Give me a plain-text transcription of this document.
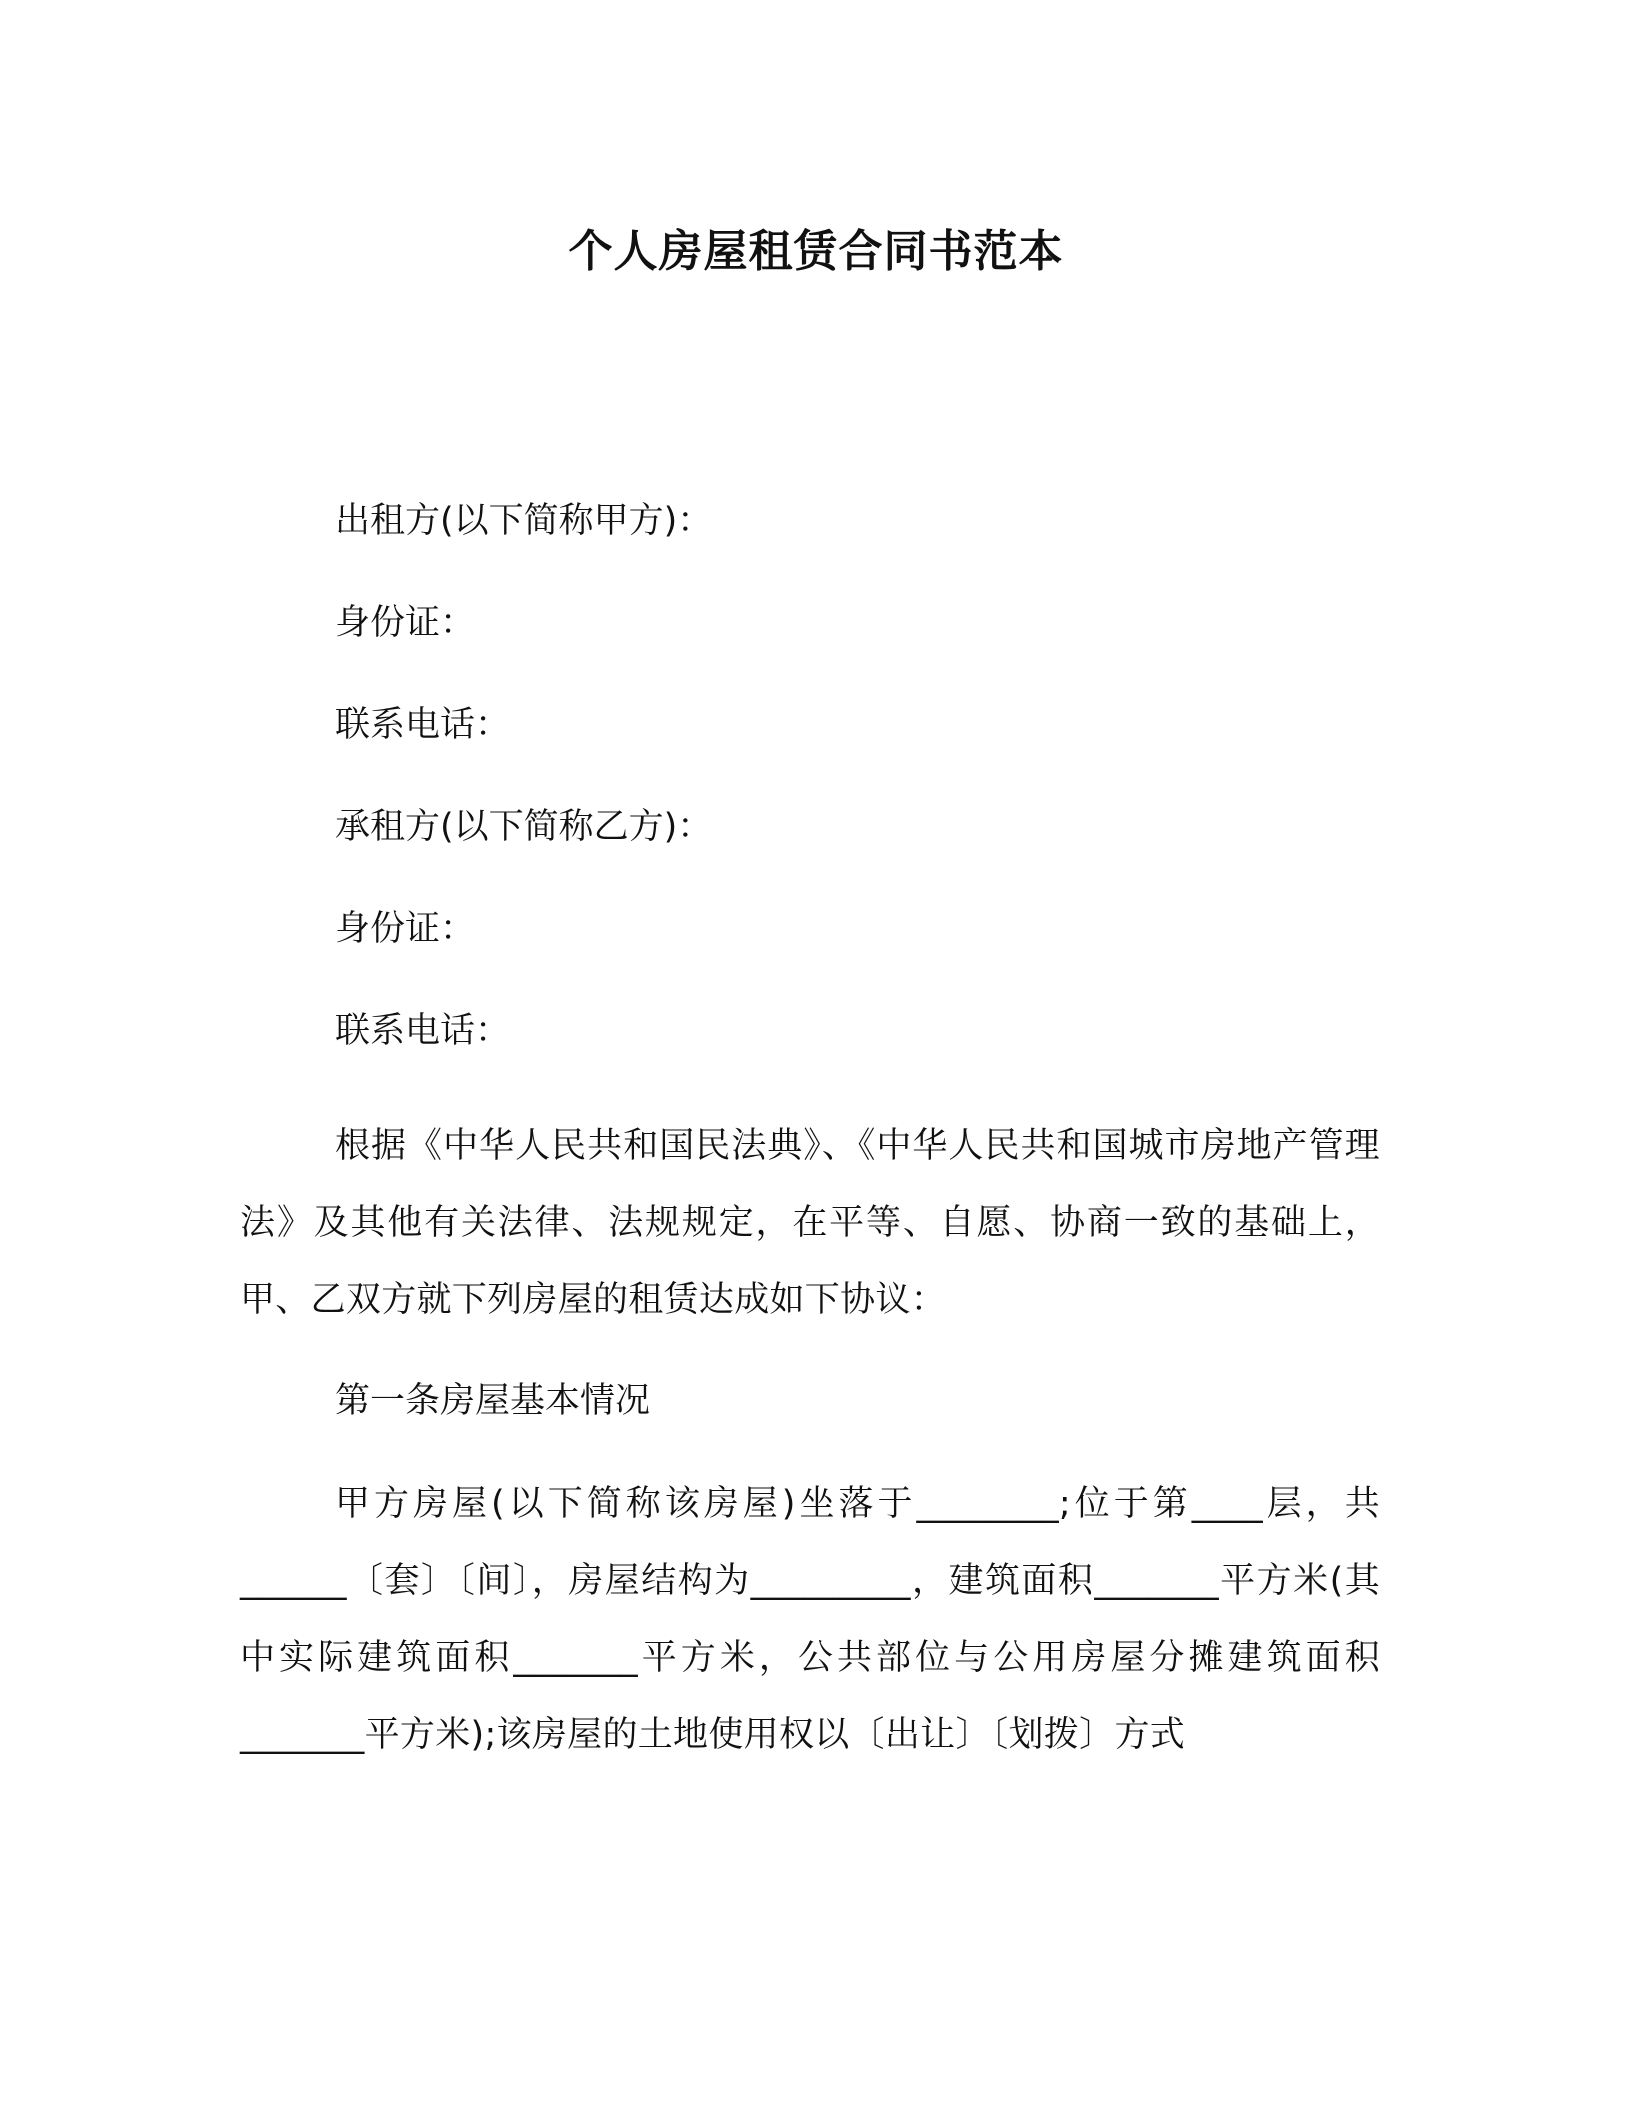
个人房屋租赁合同书范本
出租方(以下简称甲方)：
身份证：
联系电话：
承租方(以下简称乙方)：
身份证：
联系电话：
根据《中华人民共和国民法典》、《中华人民共和国城市房地产管理法》及其他有关法律、法规规定，在平等、自愿、协商一致的基础上，甲、乙双方就下列房屋的租赁达成如下协议：
第一条房屋基本情况
甲方房屋(以下简称该房屋)坐落于________;位于第____层，共______〔套〕〔间〕，房屋结构为_________，建筑面积_______平方米(其中实际建筑面积_______平方米，公共部位与公用房屋分摊建筑面积_______平方米);该房屋的土地使用权以〔出让〕〔划拨〕方式
